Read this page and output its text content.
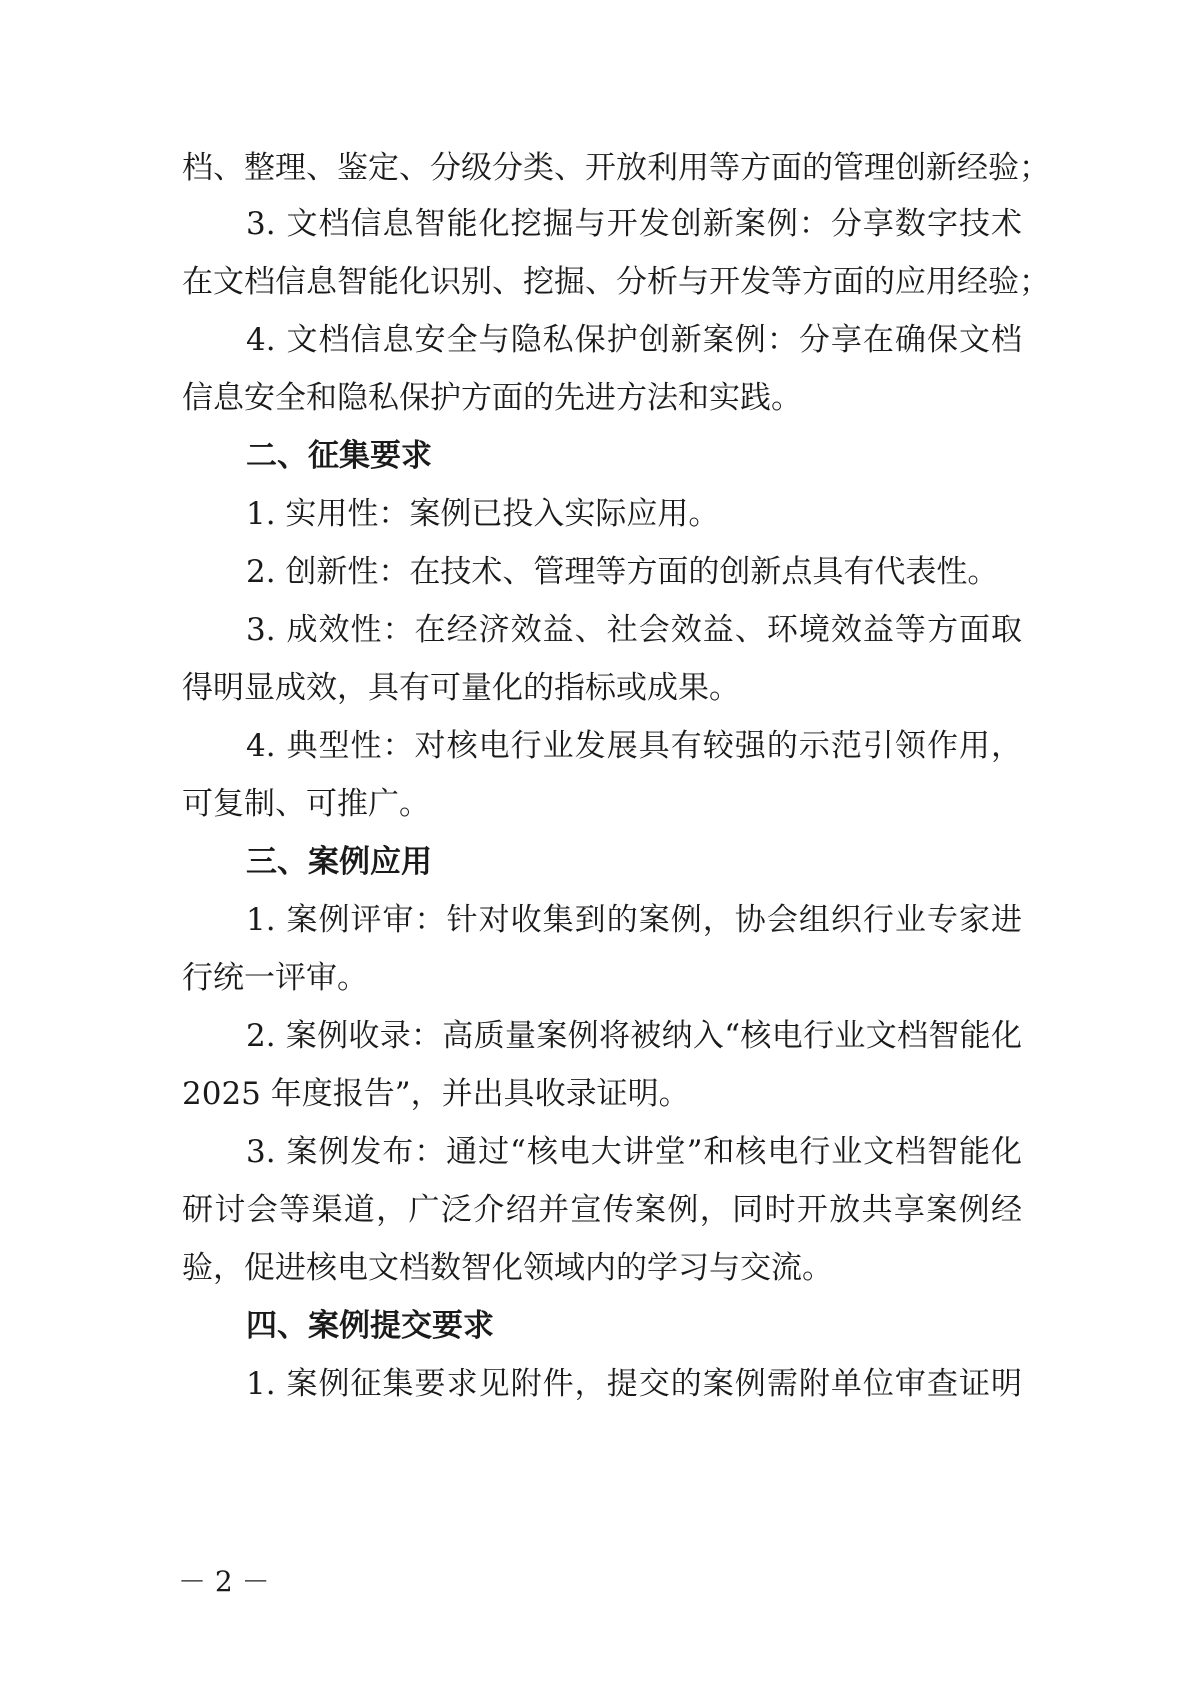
档、整理、鉴定、分级分类、开放利用等方面的管理创新经验；
3. 文档信息智能化挖掘与开发创新案例：分享数字技术
在文档信息智能化识别、挖掘、分析与开发等方面的应用经验；
4. 文档信息安全与隐私保护创新案例：分享在确保文档
信息安全和隐私保护方面的先进方法和实践。
二、征集要求
1. 实用性：案例已投入实际应用。
2. 创新性：在技术、管理等方面的创新点具有代表性。
3. 成效性：在经济效益、社会效益、环境效益等方面取
得明显成效，具有可量化的指标或成果。
4. 典型性：对核电行业发展具有较强的示范引领作用，
可复制、可推广。
三、案例应用
1. 案例评审：针对收集到的案例，协会组织行业专家进
行统一评审。
2. 案例收录：高质量案例将被纳入“核电行业文档智能化
2025 年度报告”，并出具收录证明。
3. 案例发布：通过“核电大讲堂”和核电行业文档智能化
研讨会等渠道，广泛介绍并宣传案例，同时开放共享案例经
验，促进核电文档数智化领域内的学习与交流。
四、案例提交要求
1. 案例征集要求见附件，提交的案例需附单位审查证明
－ 2 －
